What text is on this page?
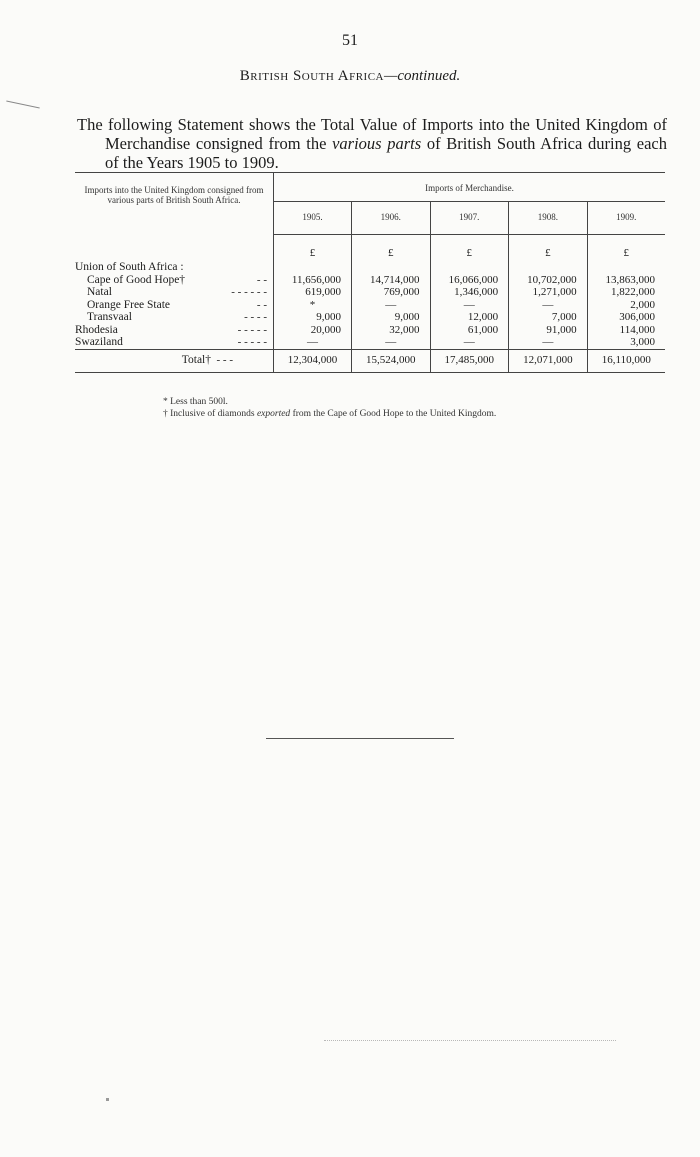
51
British South Africa—continued.

The following Statement shows the Total Value of Imports into the United Kingdom of Merchandise consigned from the various parts of British South Africa during each of the Years 1905 to 1909.

Imports into the United Kingdom consigned from various parts of British South Africa.	Imports of Merchandise.				
	1905.	1906.	1907.	1908.	1909.
	£	£	£	£	£
Union of South Africa :

Cape of Good Hope† - -	11,656,000	14,714,000	16,066,000	10,702,000	13,863,000
Natal - - - - - -	619,000	769,000	1,346,000	1,271,000	1,822,000
Orange Free State - -	*	—	—	—	2,000
Transvaal - - - -	9,000	9,000	12,000	7,000	306,000
Rhodesia - - - - -	20,000	32,000	61,000	91,000	114,000
Swaziland - - - - -	—	—	—	—	3,000
Total† - - -	12,304,000	15,524,000	17,485,000	12,071,000	16,110,000
* Less than 500l.
† Inclusive of diamonds exported from the Cape of Good Hope to the United Kingdom.
